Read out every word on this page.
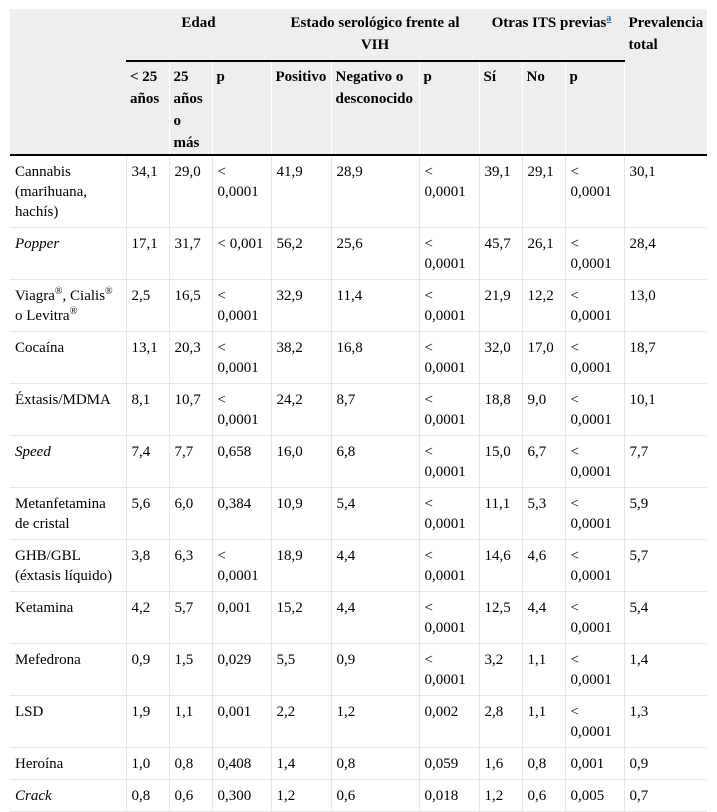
	Edad			Estado serológico frente al VIH			Otras ITS previas$^a$			Prevalencia total
	< 25 años	25 años o más	p	Positivo	Negativo o desconocido	p	Sí	No	p	
Cannabis (marihuana, hachís)	34,1	29,0	< 0,0001	41,9	28,9	< 0,0001	39,1	29,1	< 0,0001	30,1
Popper	17,1	31,7	< 0,001	56,2	25,6	< 0,0001	45,7	26,1	< 0,0001	28,4
Viagra®, Cialis® o Levitra®	2,5	16,5	< 0,0001	32,9	11,4	< 0,0001	21,9	12,2	< 0,0001	13,0
Cocaína	13,1	20,3	< 0,0001	38,2	16,8	< 0,0001	32,0	17,0	< 0,0001	18,7
Éxtasis/MDMA	8,1	10,7	< 0,0001	24,2	8,7	< 0,0001	18,8	9,0	< 0,0001	10,1
Speed	7,4	7,7	0,658	16,0	6,8	< 0,0001	15,0	6,7	< 0,0001	7,7
Metanfetamina de cristal	5,6	6,0	0,384	10,9	5,4	< 0,0001	11,1	5,3	< 0,0001	5,9
GHB/GBL (éxtasis líquido)	3,8	6,3	< 0,0001	18,9	4,4	< 0,0001	14,6	4,6	< 0,0001	5,7
Ketamina	4,2	5,7	0,001	15,2	4,4	< 0,0001	12,5	4,4	< 0,0001	5,4
Mefedrona	0,9	1,5	0,029	5,5	0,9	< 0,0001	3,2	1,1	< 0,0001	1,4
LSD	1,9	1,1	0,001	2,2	1,2	0,002	2,8	1,1	< 0,0001	1,3
Heroína	1,0	0,8	0,408	1,4	0,8	0,059	1,6	0,8	0,001	0,9
Crack	0,8	0,6	0,300	1,2	0,6	0,018	1,2	0,6	0,005	0,7
